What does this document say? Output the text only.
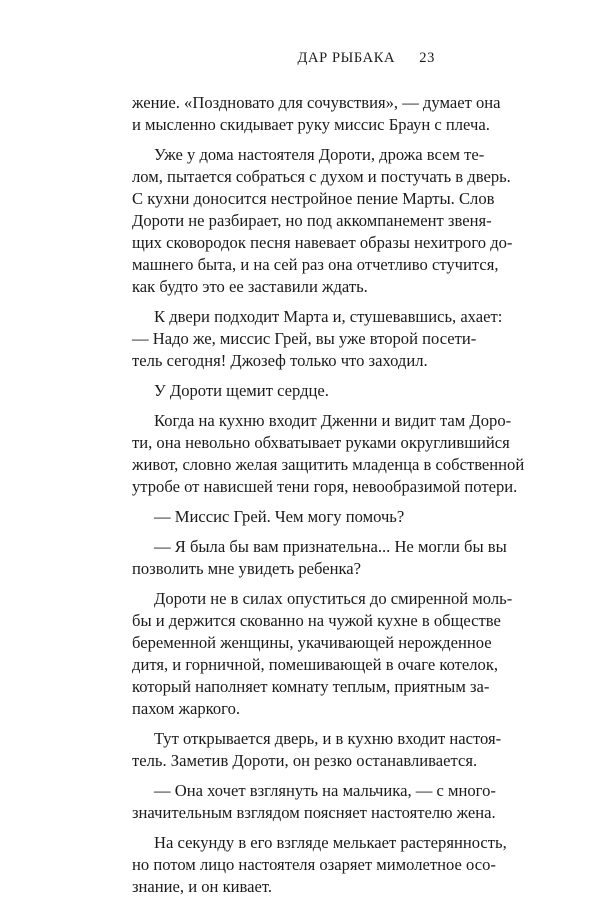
ДАР РЫБАКА 23
жение. «Поздновато для сочувствия», — думает она
и мысленно скидывает руку миссис Браун с плеча.
Уже у дома настоятеля Дороти, дрожа всем те-
лом, пытается собраться с духом и постучать в дверь.
С кухни доносится нестройное пение Марты. Слов
Дороти не разбирает, но под аккомпанемент звеня-
щих сковородок песня навевает образы нехитрого до-
машнего быта, и на сей раз она отчетливо стучится,
как будто это ее заставили ждать.
К двери подходит Марта и, стушевавшись, ахает:
— Надо же, миссис Грей, вы уже второй посети-
тель сегодня! Джозеф только что заходил.
У Дороти щемит сердце.
Когда на кухню входит Дженни и видит там Доро-
ти, она невольно обхватывает руками округлившийся
живот, словно желая защитить младенца в собственной
утробе от нависшей тени горя, невообразимой потери.
— Миссис Грей. Чем могу помочь?
— Я была бы вам признательна... Не могли бы вы
позволить мне увидеть ребенка?
Дороти не в силах опуститься до смиренной моль-
бы и держится скованно на чужой кухне в обществе
беременной женщины, укачивающей нерожденное
дитя, и горничной, помешивающей в очаге котелок,
который наполняет комнату теплым, приятным за-
пахом жаркого.
Тут открывается дверь, и в кухню входит настоя-
тель. Заметив Дороти, он резко останавливается.
— Она хочет взглянуть на мальчика, — с много-
значительным взглядом поясняет настоятелю жена.
На секунду в его взгляде мелькает растерянность,
но потом лицо настоятеля озаряет мимолетное осо-
знание, и он кивает.
